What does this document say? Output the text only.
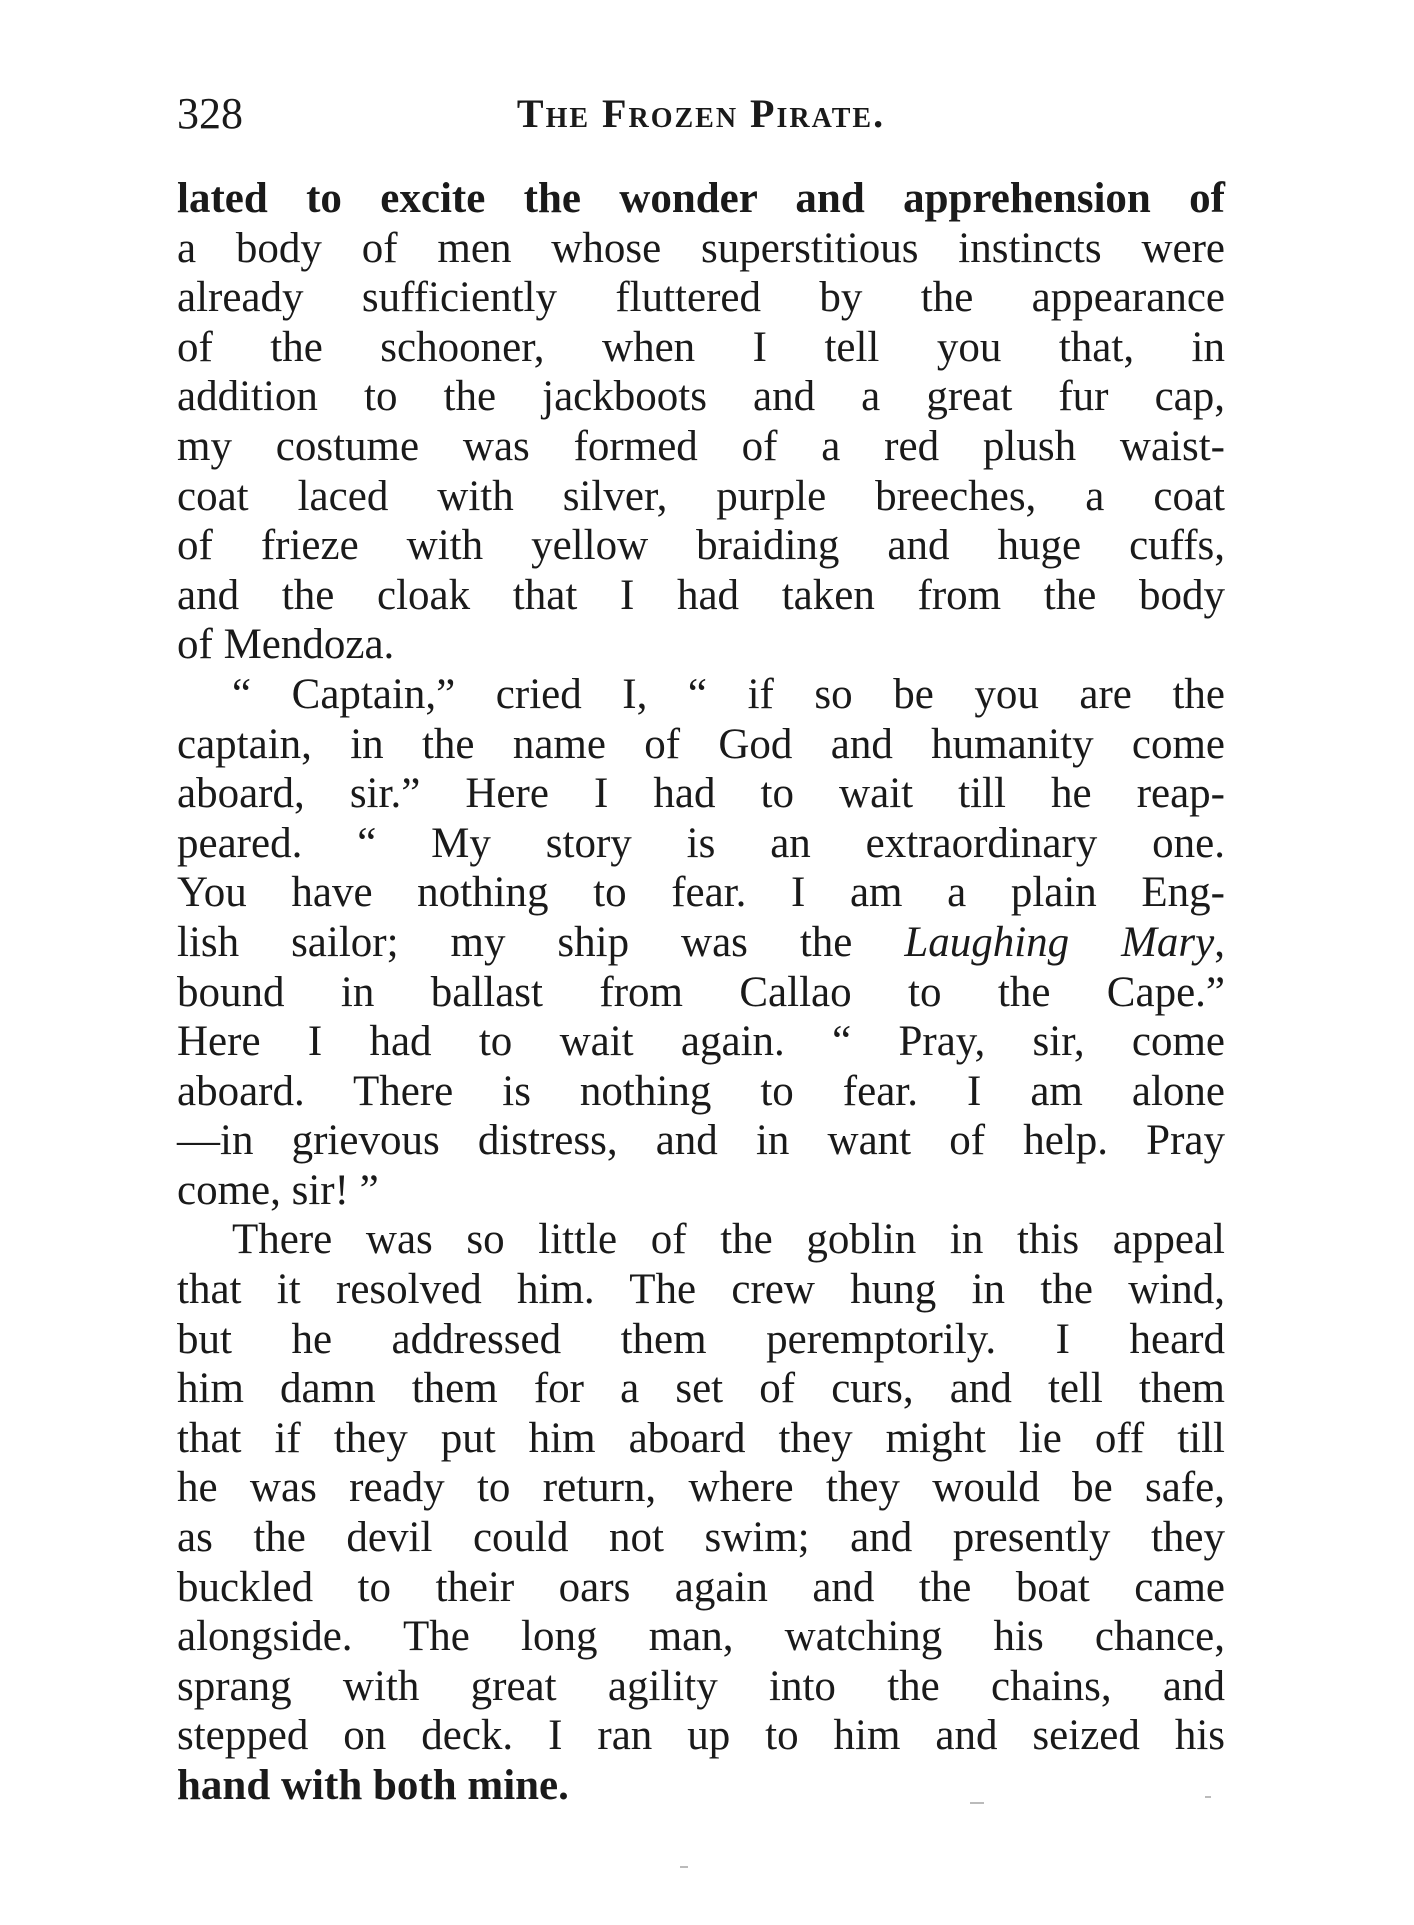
328	The Frozen Pirate.
lated to excite the wonder and apprehension of
a body of men whose superstitious instincts were
already sufficiently fluttered by the appearance
of the schooner, when I tell you that, in
addition to the jackboots and a great fur cap,
my costume was formed of a red plush waist-
coat laced with silver, purple breeches, a coat
of frieze with yellow braiding and huge cuffs,
and the cloak that I had taken from the body
of Mendoza.
“ Captain,” cried I, “ if so be you are the
captain, in the name of God and humanity come
aboard, sir.” Here I had to wait till he reap-
peared. “ My story is an extraordinary one.
You have nothing to fear. I am a plain Eng-
lish sailor; my ship was the Laughing Mary,
bound in ballast from Callao to the Cape.”
Here I had to wait again. “ Pray, sir, come
aboard. There is nothing to fear. I am alone
—in grievous distress, and in want of help. Pray
come, sir! ”
There was so little of the goblin in this appeal
that it resolved him. The crew hung in the wind,
but he addressed them peremptorily. I heard
him damn them for a set of curs, and tell them
that if they put him aboard they might lie off till
he was ready to return, where they would be safe,
as the devil could not swim; and presently they
buckled to their oars again and the boat came
alongside. The long man, watching his chance,
sprang with great agility into the chains, and
stepped on deck. I ran up to him and seized his
hand with both mine.
